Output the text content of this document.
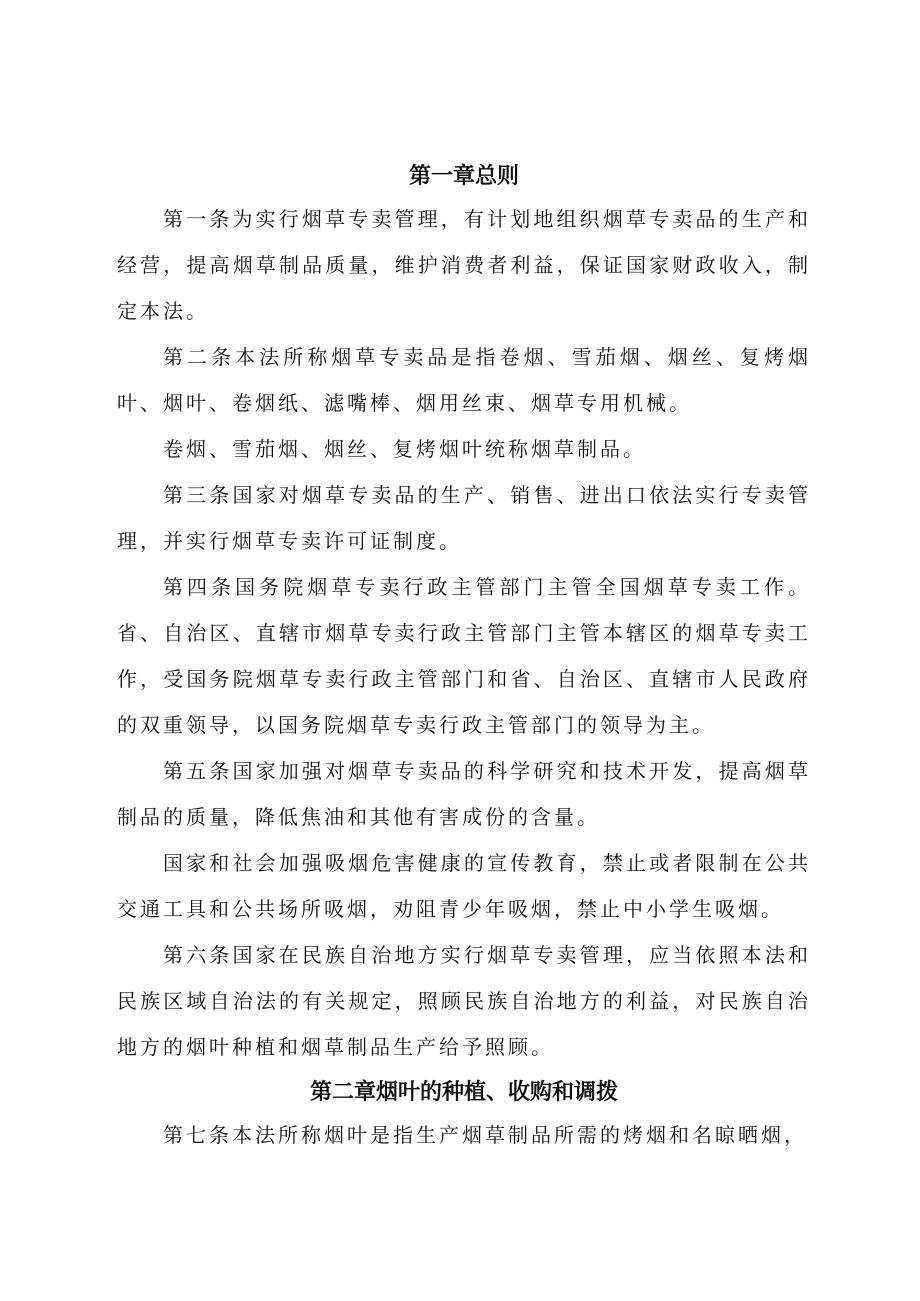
第一章总则

第一条为实行烟草专卖管理，有计划地组织烟草专卖品的生产和经营，提高烟草制品质量，维护消费者利益，保证国家财政收入，制定本法。

第二条本法所称烟草专卖品是指卷烟、雪茄烟、烟丝、复烤烟叶、烟叶、卷烟纸、滤嘴棒、烟用丝束、烟草专用机械。

卷烟、雪茄烟、烟丝、复烤烟叶统称烟草制品。

第三条国家对烟草专卖品的生产、销售、进出口依法实行专卖管理，并实行烟草专卖许可证制度。

第四条国务院烟草专卖行政主管部门主管全国烟草专卖工作。省、自治区、直辖市烟草专卖行政主管部门主管本辖区的烟草专卖工作，受国务院烟草专卖行政主管部门和省、自治区、直辖市人民政府的双重领导，以国务院烟草专卖行政主管部门的领导为主。

第五条国家加强对烟草专卖品的科学研究和技术开发，提高烟草制品的质量，降低焦油和其他有害成份的含量。

国家和社会加强吸烟危害健康的宣传教育，禁止或者限制在公共交通工具和公共场所吸烟，劝阻青少年吸烟，禁止中小学生吸烟。

第六条国家在民族自治地方实行烟草专卖管理，应当依照本法和民族区域自治法的有关规定，照顾民族自治地方的利益，对民族自治地方的烟叶种植和烟草制品生产给予照顾。

第二章烟叶的种植、收购和调拨

第七条本法所称烟叶是指生产烟草制品所需的烤烟和名晾晒烟，
